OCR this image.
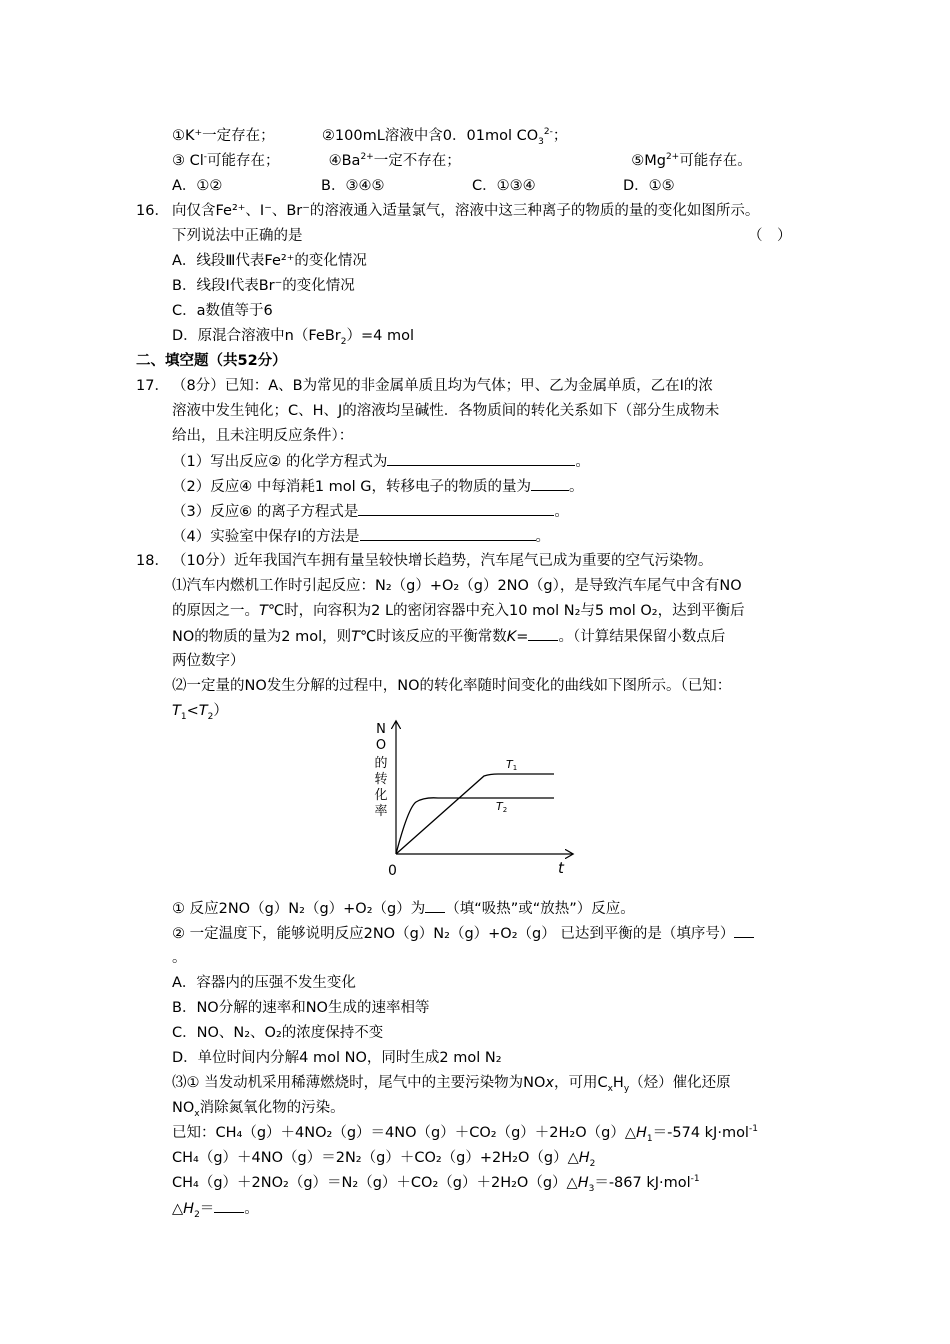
①K⁺一定存在；	②100mL溶液中含0．01mol $CO_3^{2-}$；
③ Cl-可能存在；	$④Ba^{2+}$一定不存在；	$⑤Mg^{2+}$可能存在。
A．①②	B．③④⑤	C．①③④	D．①⑤
16． 向仅含Fe²⁺、I⁻、Br⁻的溶液通入适量氯气，溶液中这三种离子的物质的量的变化如图所示。
下列说法中正确的是	（　）
A．线段Ⅲ代表Fe²⁺的变化情况
B．线段Ⅰ代表Br⁻的变化情况
C．a数值等于6
D．原混合溶液中n（FeBr$_2$）=4 mol
二、填空题（共52分）
17． （8分）已知：A、B为常见的非金属单质且均为气体；甲、乙为金属单质，乙在I的浓
溶液中发生钝化；C、H、J的溶液均呈碱性．各物质间的转化关系如下（部分生成物未
给出，且未注明反应条件）：
（1）写出反应② 的化学方程式为	。
（2）反应④ 中每消耗1 mol G，转移电子的物质的量为	。
（3）反应⑥ 的离子方程式是	。
（4）实验室中保存I的方法是	。
18． （10分）近年我国汽车拥有量呈较快增长趋势，汽车尾气已成为重要的空气污染物。
⑴汽车内燃机工作时引起反应：N₂（g）+O₂（g）2NO（g），是导致汽车尾气中含有NO
的原因之一。T℃时，向容积为2 L的密闭容器中充入10 mol N₂与5 mol O₂，达到平衡后
NO的物质的量为2 mol，则T℃时该反应的平衡常数K= 。（计算结果保留小数点后
两位数字）
⑵一定量的NO发生分解的过程中，NO的转化率随时间变化的曲线如下图所示。（已知：
$T_1<T_2$）
N
O
的
转
化
率
0	t
T1
T2
① 反应2NO（g）N₂（g）+O₂（g）为 （填“吸热”或“放热”）反应。
② 一定温度下，能够说明反应2NO（g）N₂（g）+O₂（g） 已达到平衡的是（填序号）
。
A．容器内的压强不发生变化
B．NO分解的速率和NO生成的速率相等
C．NO、N₂、O₂的浓度保持不变
D．单位时间内分解4 mol NO，同时生成2 mol N₂
⑶① 当发动机采用稀薄燃烧时，尾气中的主要污染物为NOx，可用$C_xH_y$（烃）催化还原
$NO_x$消除氮氧化物的污染。
已知：$CH_4(g)+4NO_2(g)=4NO(g)+CO_2(g)+2H_2O(g)\triangle H_1=-574$ kJ·mol$^{-1}$
$CH_4(g)+4NO(g)=2N_2(g)+CO_2(g)+2H_2O(g)\triangle H_2$
$CH_4(g)+2NO_2(g)=N_2(g)+CO_2(g)+2H_2O(g)\triangle H_3=-867$ kJ·mol$^{-1}$
$\triangle H_2=$ 。
